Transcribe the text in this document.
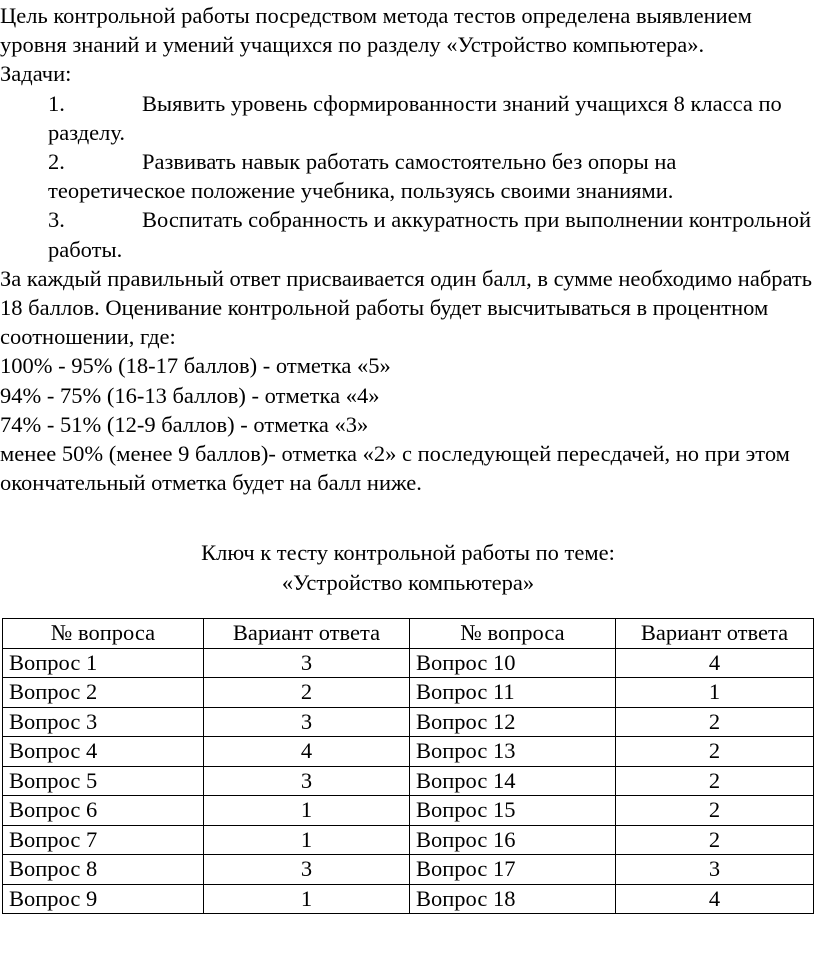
Цель контрольной работы посредством метода тестов определена выявлением уровня знаний и умений учащихся по разделу «Устройство компьютера».

Задачи:

1.	Выявить уровень сформированности знаний учащихся 8 класса по разделу.

2.	Развивать навык работать самостоятельно без опоры на теоретическое положение учебника, пользуясь своими знаниями.

3.	Воспитать собранность и аккуратность при выполнении контрольной работы.

За каждый правильный ответ присваивается один балл, в сумме необходимо набрать 18 баллов. Оценивание контрольной работы будет высчитываться в процентном соотношении, где:

100% - 95% (18-17 баллов) - отметка «5»

94% - 75% (16-13 баллов) - отметка «4»

74% - 51% (12-9 баллов) - отметка «3»

менее 50% (менее 9 баллов)- отметка «2» с последующей пересдачей, но при этом окончательный отметка будет на балл ниже.

Ключ к тесту контрольной работы по теме:
«Устройство компьютера»
№ вопроса	Вариант ответа	№ вопроса	Вариант ответа
Вопрос 1	3	Вопрос 10	4
Вопрос 2	2	Вопрос 11	1
Вопрос 3	3	Вопрос 12	2
Вопрос 4	4	Вопрос 13	2
Вопрос 5	3	Вопрос 14	2
Вопрос 6	1	Вопрос 15	2
Вопрос 7	1	Вопрос 16	2
Вопрос 8	3	Вопрос 17	3
Вопрос 9	1	Вопрос 18	4
